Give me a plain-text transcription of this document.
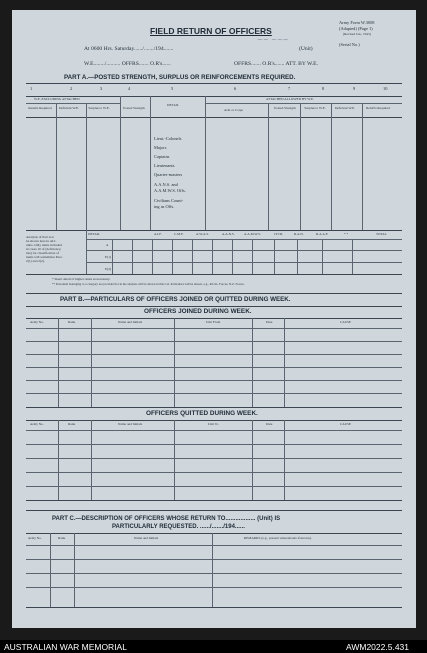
FIELD RETURN OF OFFICERS
Army Form W.3008
(Adapted) (Page 1)
(Revised Jan., 1943)
(Serial No.)
At 0600 Hrs. Saturday....../......./194.......	(Unit)
~~ ~~~
W.E......../.......... OFFRS....... O.R's......	OFFRS....... O.R's....... ATT. BY W.E.
PART A.—POSTED STRENGTH, SURPLUS OR REINFORCEMENTS REQUIRED.
1	2	3	4	5	6	7	8	9	10
W.E. EXCLUDING ATTACHED	ATTACHED ALLOWED BY W.E.
Results Required Deficient W.E.	Surplus to W.E.	Posted Strength
DETAIL
Arm or Corps	Posted Strength	Surplus to W.E.	Deficient W.E.	Reinf'ts Required
Lieut.-Colonels
Majors
Captains
Lieutenants
Quarter-masters
A.A.N.S. and
A.A.M.W.S. Offs.
Civilians Count-
ing as Offs.
Analysis of Part A to
be shown here in ALL
units. Only items included
in cases 10 of (deficiency,
ties) for classification of
items will sometimes Para.
2(1) and 2(2).
DETAIL	A.I.F.	C.M.F.	A.W.A.S.	A.A.N.S.	A.A.M.W.S.	CIVIL	R.A.N.	R.A.A.F.	* *	TOTAL
A
E(1)
E(2)
* Insert detail of higher ranks as necessary.
** Personnel belonging to a category not provided for in the analysis will be shown in this Col. Particulars will be shown, e.g., R.U.K. Forces, N.Z. Forces.
PART B.—PARTICULARS OF OFFICERS JOINED OR QUITTED DURING WEEK.
OFFICERS JOINED DURING WEEK.
Army No.	Rank	Name and Initials	Unit From	Date	CAUSE
OFFICERS QUITTED DURING WEEK.
Army No.	Rank	Name and Initials	Unit To	Date	CAUSE
PART C.—DESCRIPTION OF OFFICERS WHOSE RETURN TO.................. (Unit) IS
PARTICULARLY REQUESTED. ....../......./194......
Army No.	Rank	Name and Initials	REMARKS (e.g., present whereabouts if known).
AUSTRALIAN WAR MEMORIAL	AWM2022.5.431
